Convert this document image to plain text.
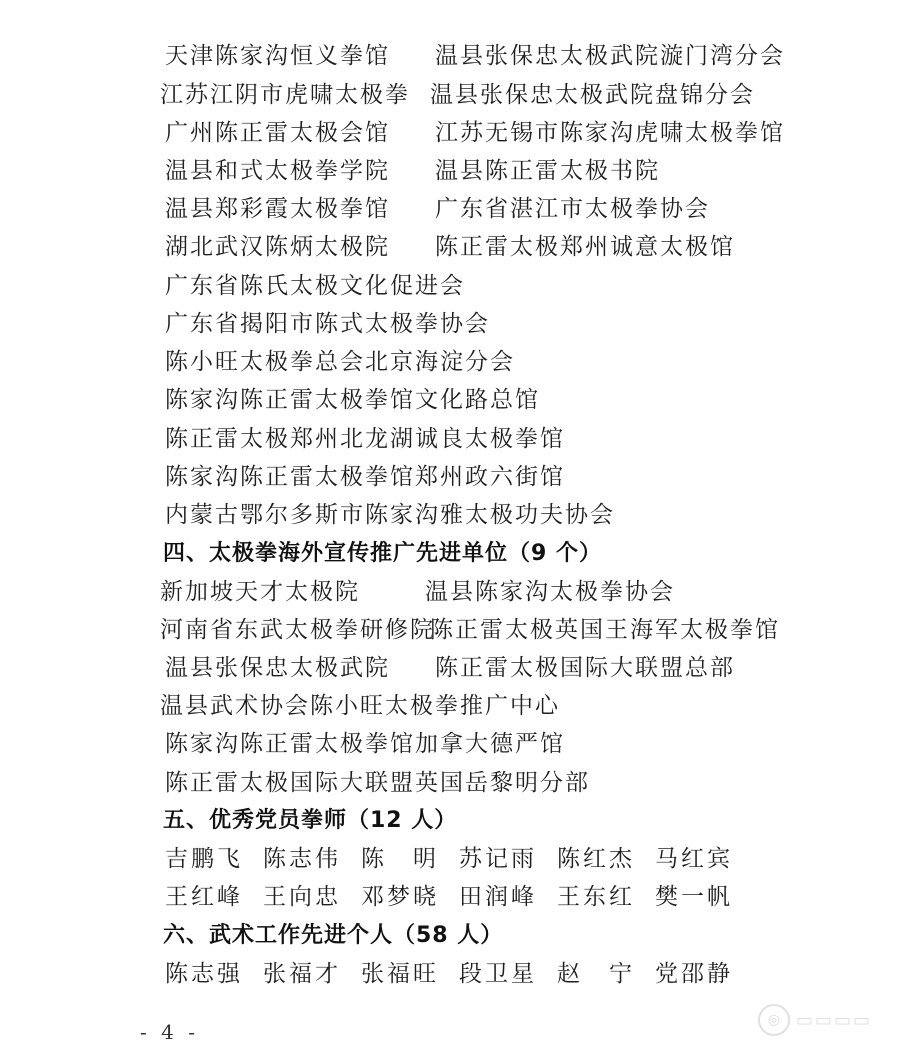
天津陈家沟恒义拳馆 温县张保忠太极武院漩门湾分会
江苏江阴市虎啸太极拳 温县张保忠太极武院盘锦分会
广州陈正雷太极会馆 江苏无锡市陈家沟虎啸太极拳馆
温县和式太极拳学院 温县陈正雷太极书院
温县郑彩霞太极拳馆 广东省湛江市太极拳协会
湖北武汉陈炳太极院 陈正雷太极郑州诚意太极馆
广东省陈氏太极文化促进会
广东省揭阳市陈式太极拳协会
陈小旺太极拳总会北京海淀分会
陈家沟陈正雷太极拳馆文化路总馆
陈正雷太极郑州北龙湖诚良太极拳馆
陈家沟陈正雷太极拳馆郑州政六街馆
内蒙古鄂尔多斯市陈家沟雅太极功夫协会
四、太极拳海外宣传推广先进单位（9 个）
新加坡天才太极院	温县陈家沟太极拳协会
河南省东武太极拳研修院
陈正雷太极英国王海军太极拳馆
温县张保忠太极武院 陈正雷太极国际大联盟总部
温县武术协会陈小旺太极拳推广中心
陈家沟陈正雷太极拳馆加拿大德严馆
陈正雷太极国际大联盟英国岳黎明分部
五、优秀党员拳师（12 人）
吉鹏飞 陈志伟 陈　明 苏记雨 陈红杰 马红宾
王红峰 王向忠 邓梦晓 田润峰 王东红 樊一帆
六、武术工作先进个人（58 人）
陈志强 张福才 张福旺 段卫星 赵　宁 党邵静
- 4 -	◎ ▭▭▭▭
